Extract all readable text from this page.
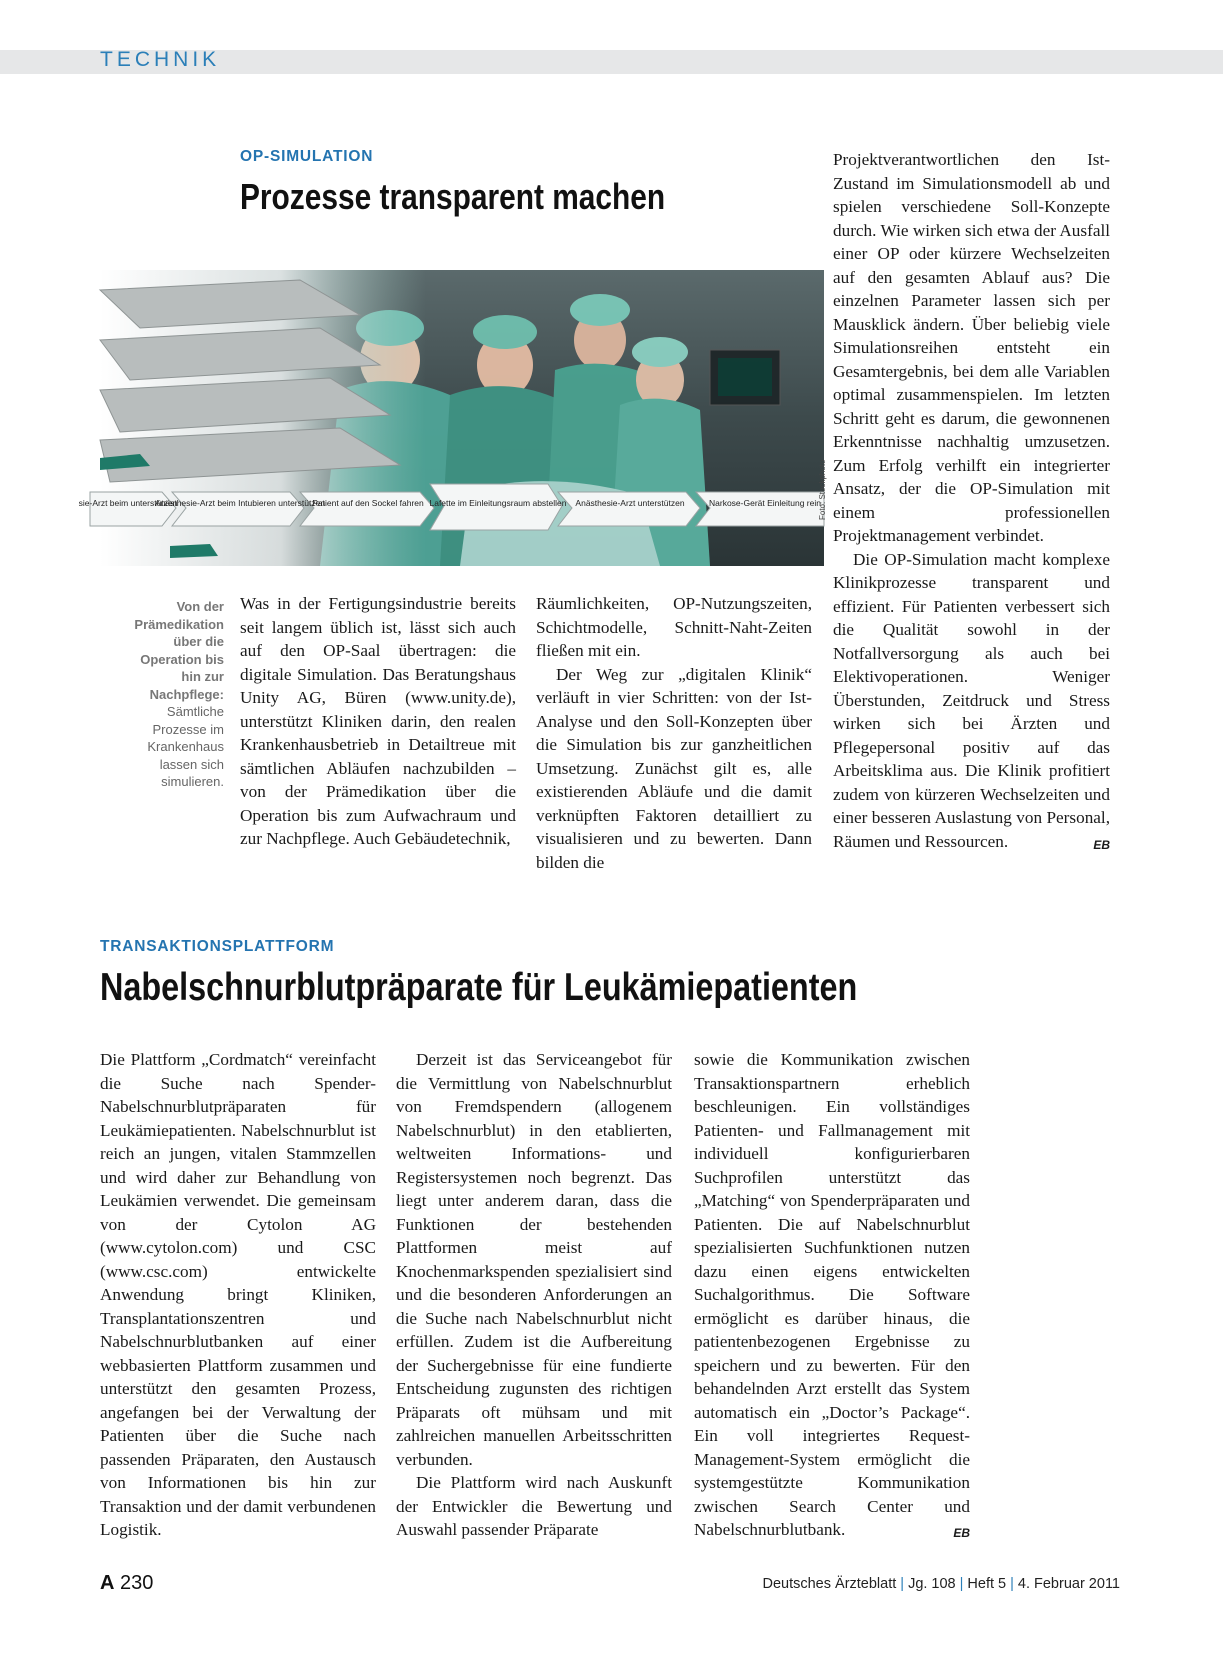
TECHNIK
OP-SIMULATION
Prozesse transparent machen
sie-Arzt beim unterstützen
Anästhesie-Arzt beim Intubieren unterstützen
Patient auf den Sockel fahren Lafette im Einleitungsraum abstellen Anästhesie-Arzt unterstützen	Narkose-Gerät Einleitung rein
Foto: Stockphoto
Von der Prämedikation über die Operation bis hin zur Nachpflege: Sämtliche Prozesse im Krankenhaus lassen sich simulieren.

Was in der Fertigungsindustrie bereits seit langem üblich ist, lässt sich auch auf den OP-Saal übertragen: die digitale Simulation. Das Beratungshaus Unity AG, Büren (www.unity.de), unterstützt Kliniken darin, den realen Krankenhausbetrieb in Detailtreue mit sämtlichen Abläufen nachzubilden – von der Prämedikation über die Operation bis zum Aufwachraum und zur Nachpflege. Auch Gebäudetechnik,

Räumlichkeiten, OP-Nutzungszeiten, Schichtmodelle, Schnitt-Naht-Zeiten fließen mit ein.

Der Weg zur „digitalen Klinik“ verläuft in vier Schritten: von der Ist-Analyse und den Soll-Konzepten über die Simulation bis zur ganzheitlichen Umsetzung. Zunächst gilt es, alle existierenden Abläufe und die damit verknüpften Faktoren detailliert zu visualisieren und zu bewerten. Dann bilden die

Projektverantwortlichen den Ist-Zustand im Simulationsmodell ab und spielen verschiedene Soll-Konzepte durch. Wie wirken sich etwa der Ausfall einer OP oder kürzere Wechselzeiten auf den gesamten Ablauf aus? Die einzelnen Parameter lassen sich per Mausklick ändern. Über beliebig viele Simulationsreihen entsteht ein Gesamtergebnis, bei dem alle Variablen optimal zusammenspielen. Im letzten Schritt geht es darum, die gewonnenen Erkenntnisse nachhaltig umzusetzen. Zum Erfolg verhilft ein integrierter Ansatz, der die OP-Simulation mit einem professionellen Projektmanagement verbindet.

Die OP-Simulation macht komplexe Klinikprozesse transparent und effizient. Für Patienten verbessert sich die Qualität sowohl in der Notfallversorgung als auch bei Elektivoperationen. Weniger Überstunden, Zeitdruck und Stress wirken sich bei Ärzten und Pflegepersonal positiv auf das Arbeitsklima aus. Die Klinik profitiert zudem von kürzeren Wechselzeiten und einer besseren Auslastung von Personal, Räumen und Ressourcen.	EB

TRANSAKTIONSPLATTFORM
Nabelschnurblutpräparate für Leukämiepatienten

Die Plattform „Cordmatch“ vereinfacht die Suche nach Spender-Nabelschnurblutpräparaten für Leukämiepatienten. Nabelschnurblut ist reich an jungen, vitalen Stammzellen und wird daher zur Behandlung von Leukämien verwendet. Die gemeinsam von der Cytolon AG (www.cytolon.com) und CSC (www.csc.com) entwickelte Anwendung bringt Kliniken, Transplantationszentren und Nabelschnurblutbanken auf einer webbasierten Plattform zusammen und unterstützt den gesamten Prozess, angefangen bei der Verwaltung der Patienten über die Suche nach passenden Präparaten, den Austausch von Informationen bis hin zur Transaktion und der damit verbundenen Logistik.

Derzeit ist das Serviceangebot für die Vermittlung von Nabelschnurblut von Fremdspendern (allogenem Nabelschnurblut) in den etablierten, weltweiten Informations- und Registersystemen noch begrenzt. Das liegt unter anderem daran, dass die Funktionen der bestehenden Plattformen meist auf Knochenmarkspenden spezialisiert sind und die besonderen Anforderungen an die Suche nach Nabelschnurblut nicht erfüllen. Zudem ist die Aufbereitung der Suchergebnisse für eine fundierte Entscheidung zugunsten des richtigen Präparats oft mühsam und mit zahlreichen manuellen Arbeitsschritten verbunden.

Die Plattform wird nach Auskunft der Entwickler die Bewertung und Auswahl passender Präparate

sowie die Kommunikation zwischen Transaktionspartnern erheblich beschleunigen. Ein vollständiges Patienten- und Fallmanagement mit individuell konfigurierbaren Suchprofilen unterstützt das „Matching“ von Spenderpräparaten und Patienten. Die auf Nabelschnurblut spezialisierten Suchfunktionen nutzen dazu einen eigens entwickelten Suchalgorithmus. Die Software ermöglicht es darüber hinaus, die patientenbezogenen Ergebnisse zu speichern und zu bewerten. Für den behandelnden Arzt erstellt das System automatisch ein „Doctor’s Package“. Ein voll integriertes Request-Management-System ermöglicht die systemgestützte Kommunikation zwischen Search Center und Nabelschnurblutbank.	EB

A 230	Deutsches Ärzteblatt | Jg. 108 | Heft 5 | 4. Februar 2011
